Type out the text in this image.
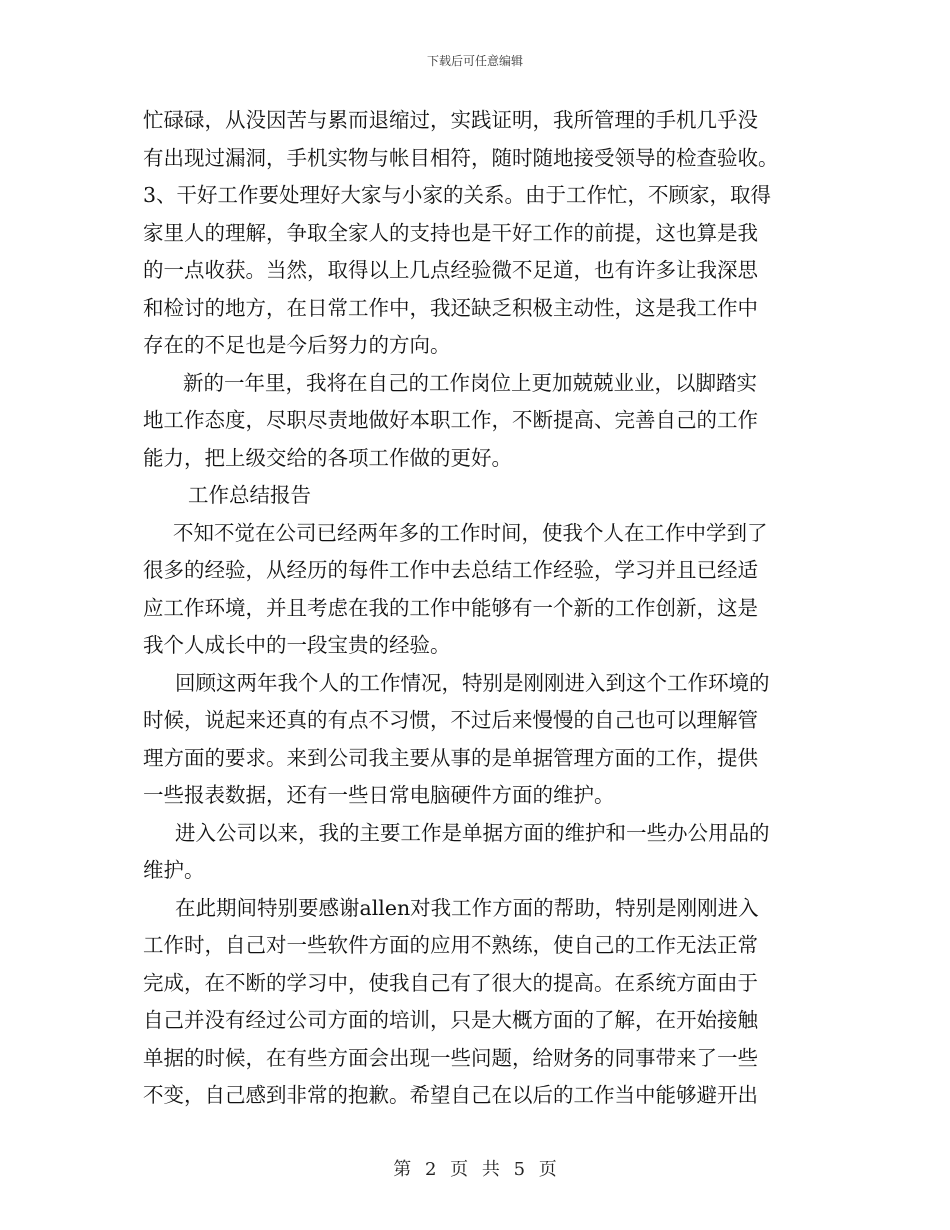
下载后可任意编辑
忙碌碌，从没因苦与累而退缩过，实践证明，我所管理的手机几乎没
有出现过漏洞，手机实物与帐目相符，随时随地接受领导的检查验收。
3、干好工作要处理好大家与小家的关系。由于工作忙，不顾家，取得
家里人的理解，争取全家人的支持也是干好工作的前提，这也算是我
的一点收获。当然，取得以上几点经验微不足道，也有许多让我深思
和检讨的地方，在日常工作中，我还缺乏积极主动性，这是我工作中
存在的不足也是今后努力的方向。
新的一年里，我将在自己的工作岗位上更加兢兢业业，以脚踏实
地工作态度，尽职尽责地做好本职工作，不断提高、完善自己的工作
能力，把上级交给的各项工作做的更好。
工作总结报告
不知不觉在公司已经两年多的工作时间，使我个人在工作中学到了
很多的经验，从经历的每件工作中去总结工作经验，学习并且已经适
应工作环境，并且考虑在我的工作中能够有一个新的工作创新，这是
我个人成长中的一段宝贵的经验。
回顾这两年我个人的工作情况，特别是刚刚进入到这个工作环境的
时候，说起来还真的有点不习惯，不过后来慢慢的自己也可以理解管
理方面的要求。来到公司我主要从事的是单据管理方面的工作，提供
一些报表数据，还有一些日常电脑硬件方面的维护。
进入公司以来，我的主要工作是单据方面的维护和一些办公用品的
维护。
在此期间特别要感谢allen对我工作方面的帮助，特别是刚刚进入
工作时，自己对一些软件方面的应用不熟练，使自己的工作无法正常
完成，在不断的学习中，使我自己有了很大的提高。在系统方面由于
自己并没有经过公司方面的培训，只是大概方面的了解，在开始接触
单据的时候，在有些方面会出现一些问题，给财务的同事带来了一些
不变，自己感到非常的抱歉。希望自己在以后的工作当中能够避开出
第 2 页 共 5 页
